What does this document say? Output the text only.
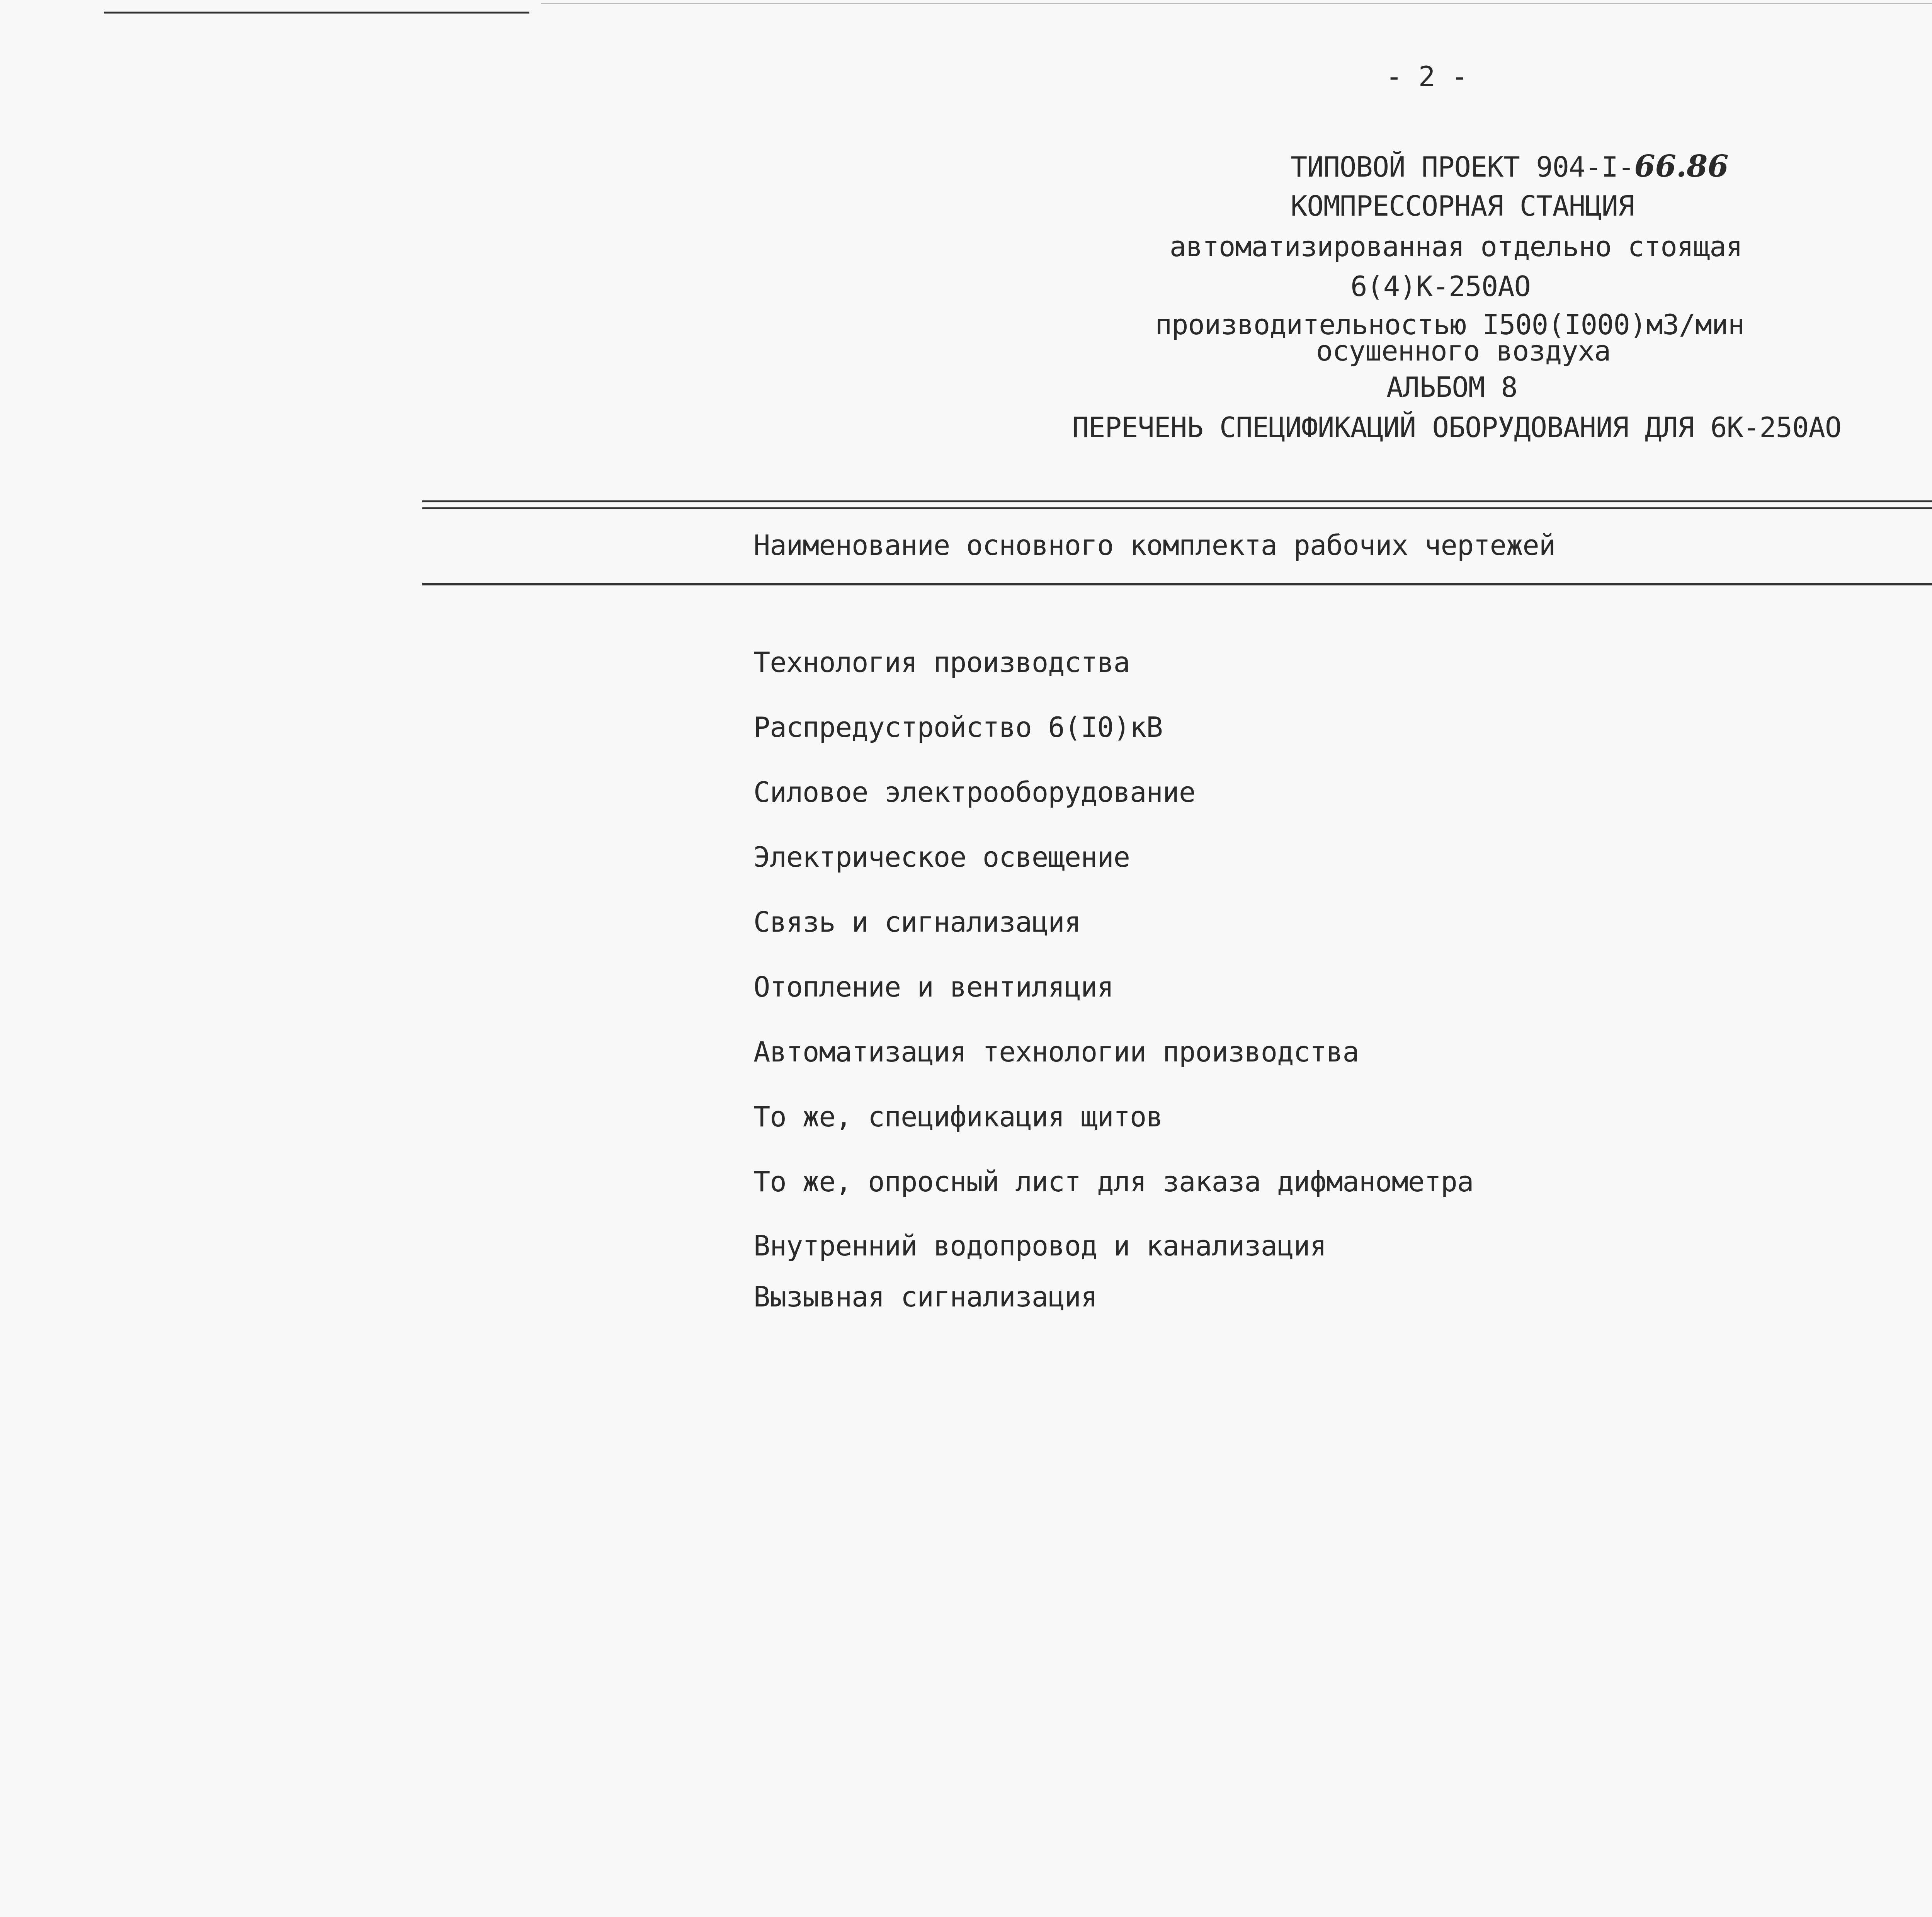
- 2 -
ТИПОВОЙ ПРОЕКТ 904-I-66.86
КОМПРЕССОРНАЯ СТАНЦИЯ
автоматизированная отдельно стоящая
6(4)К-250АО
производительностью I500(I000)м3/мин
осушенного воздуха
АЛЬБОМ 8
ПЕРЕЧЕНЬ СПЕЦИФИКАЦИЙ ОБОРУДОВАНИЯ ДЛЯ 6К-250АО
Наименование основного комплекта рабочих чертежей
Технология производства
Распредустройство 6(I0)кВ
Силовое электрооборудование
Электрическое освещение
Связь и сигнализация
Отопление и вентиляция
Автоматизация технологии производства
То же, спецификация щитов
То же, опросный лист для заказа дифманометра
Внутренний водопровод и канализация
Вызывная сигнализация
